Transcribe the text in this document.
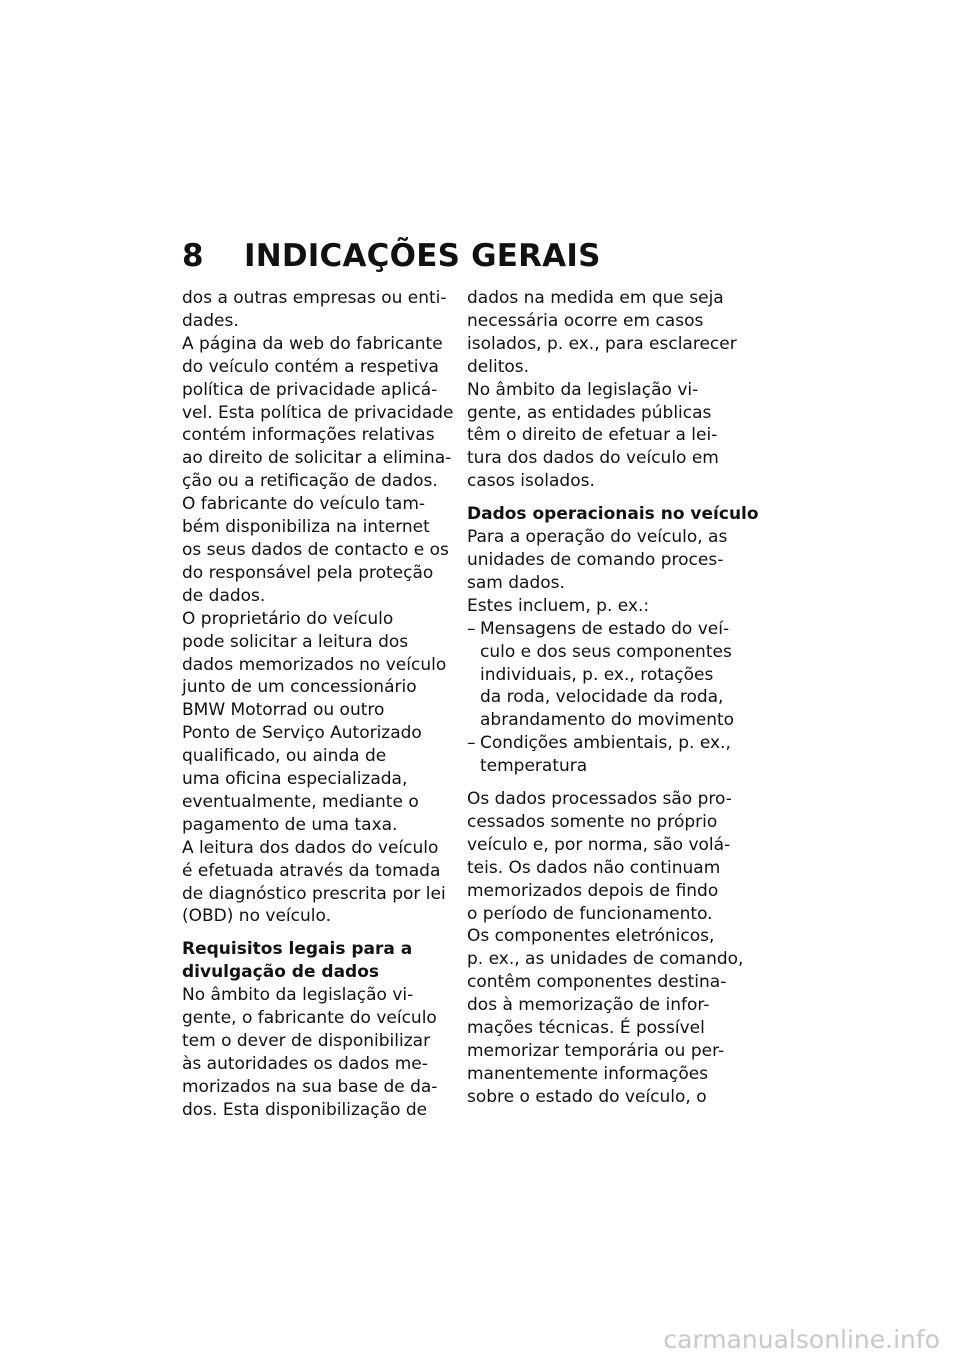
8 INDICAÇÕES GERAIS

dos a outras empresas ou enti-

dades.

A página da web do fabricante

do veículo contém a respetiva

política de privacidade aplicá-

vel. Esta política de privacidade

contém informações relativas

ao direito de solicitar a elimina-

ção ou a retificação de dados.

O fabricante do veículo tam-

bém disponibiliza na internet

os seus dados de contacto e os

do responsável pela proteção

de dados.

O proprietário do veículo

pode solicitar a leitura dos

dados memorizados no veículo

junto de um concessionário

BMW Motorrad ou outro

Ponto de Serviço Autorizado

qualificado, ou ainda de

uma oficina especializada,

eventualmente, mediante o

pagamento de uma taxa.

A leitura dos dados do veículo

é efetuada através da tomada

de diagnóstico prescrita por lei

(OBD) no veículo.

Requisitos legais para a
divulgação de dados

No âmbito da legislação vi-

gente, o fabricante do veículo

tem o dever de disponibilizar

às autoridades os dados me-

morizados na sua base de da-

dos. Esta disponibilização de

dados na medida em que seja

necessária ocorre em casos

isolados, p. ex., para esclarecer

delitos.

No âmbito da legislação vi-

gente, as entidades públicas

têm o direito de efetuar a lei-

tura dos dados do veículo em

casos isolados.

Dados operacionais no veículo

Para a operação do veículo, as

unidades de comando proces-

sam dados.

Estes incluem, p. ex.:

– Mensagens de estado do veí-
culo e dos seus componentes
individuais, p. ex., rotações
da roda, velocidade da roda,
abrandamento do movimento
– Condições ambientais, p. ex.,
temperatura

Os dados processados são pro-

cessados somente no próprio

veículo e, por norma, são volá-

teis. Os dados não continuam

memorizados depois de findo

o período de funcionamento.

Os componentes eletrónicos,

p. ex., as unidades de comando,

contêm componentes destina-

dos à memorização de infor-

mações técnicas. É possível

memorizar temporária ou per-

manentemente informações

sobre o estado do veículo, o

carmanualsonline.info
